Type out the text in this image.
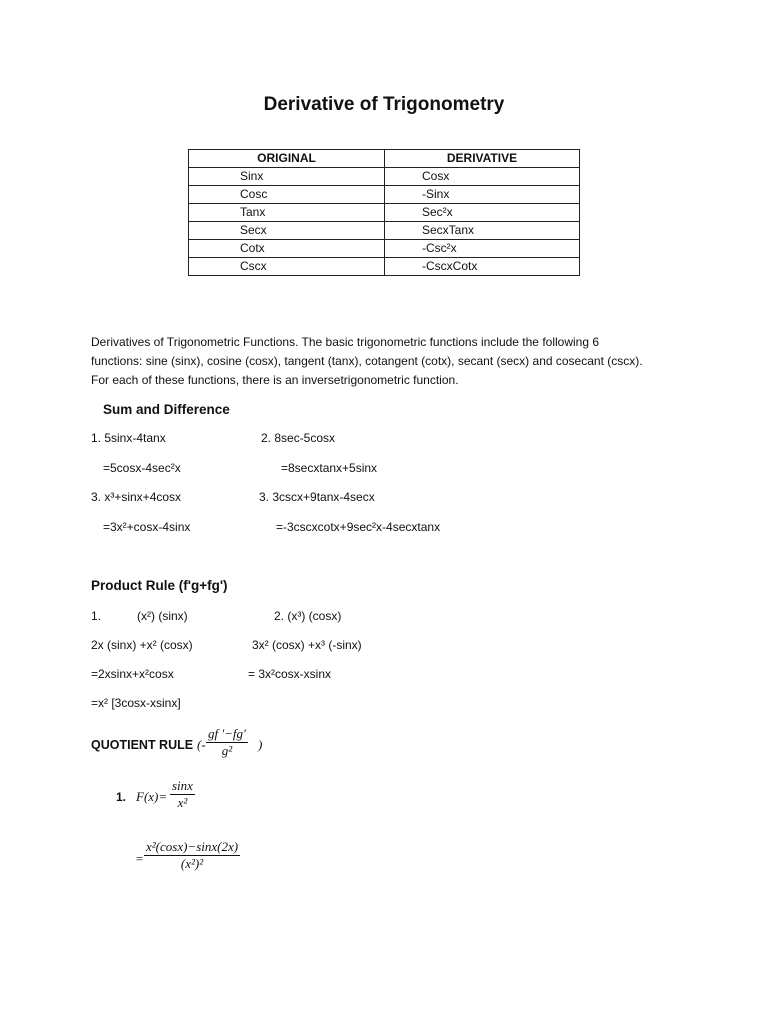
Derivative of Trigonometry
ORIGINAL	DERIVATIVE
Sinx	Cosx
Cosc	-Sinx
Tanx	Sec²x
Secx	SecxTanx
Cotx	-Csc²x
Cscx	-CscxCotx
Derivatives of Trigonometric Functions. The basic trigonometric functions include the following 6
functions: sine (sinx), cosine (cosx), tangent (tanx), cotangent (cotx), secant (secx) and cosecant (cscx).
For each of these functions, there is an inversetrigonometric function.
Sum and Difference
1. 5sinx-4tanx
=5cosx-4sec²x
3. x³+sinx+4cosx
=3x²+cosx-4sinx
2. 8sec-5cosx
=8secxtanx+5sinx
3. 3cscx+9tanx-4secx
=-3cscxcotx+9sec²x-4secxtanx
Product Rule (f'g+fg')
1.	(x²) (sinx)	2. (x³) (cosx)
2x (sinx) +x² (cosx)	3x² (cosx) +x³ (-sinx)
=2xsinx+x²cosx	= 3x²cosx-xsinx
=x² [3cosx-xsinx]
QUOTIENT RULE (- $\frac{gf '-fg'}{\text{g²}}$ )
1. $F(x)= \frac{\sin x}{\text{x²}}$
= $\frac{\text{x²(cosx)−sinx(2x)}}{\text{(x²)²}}$
